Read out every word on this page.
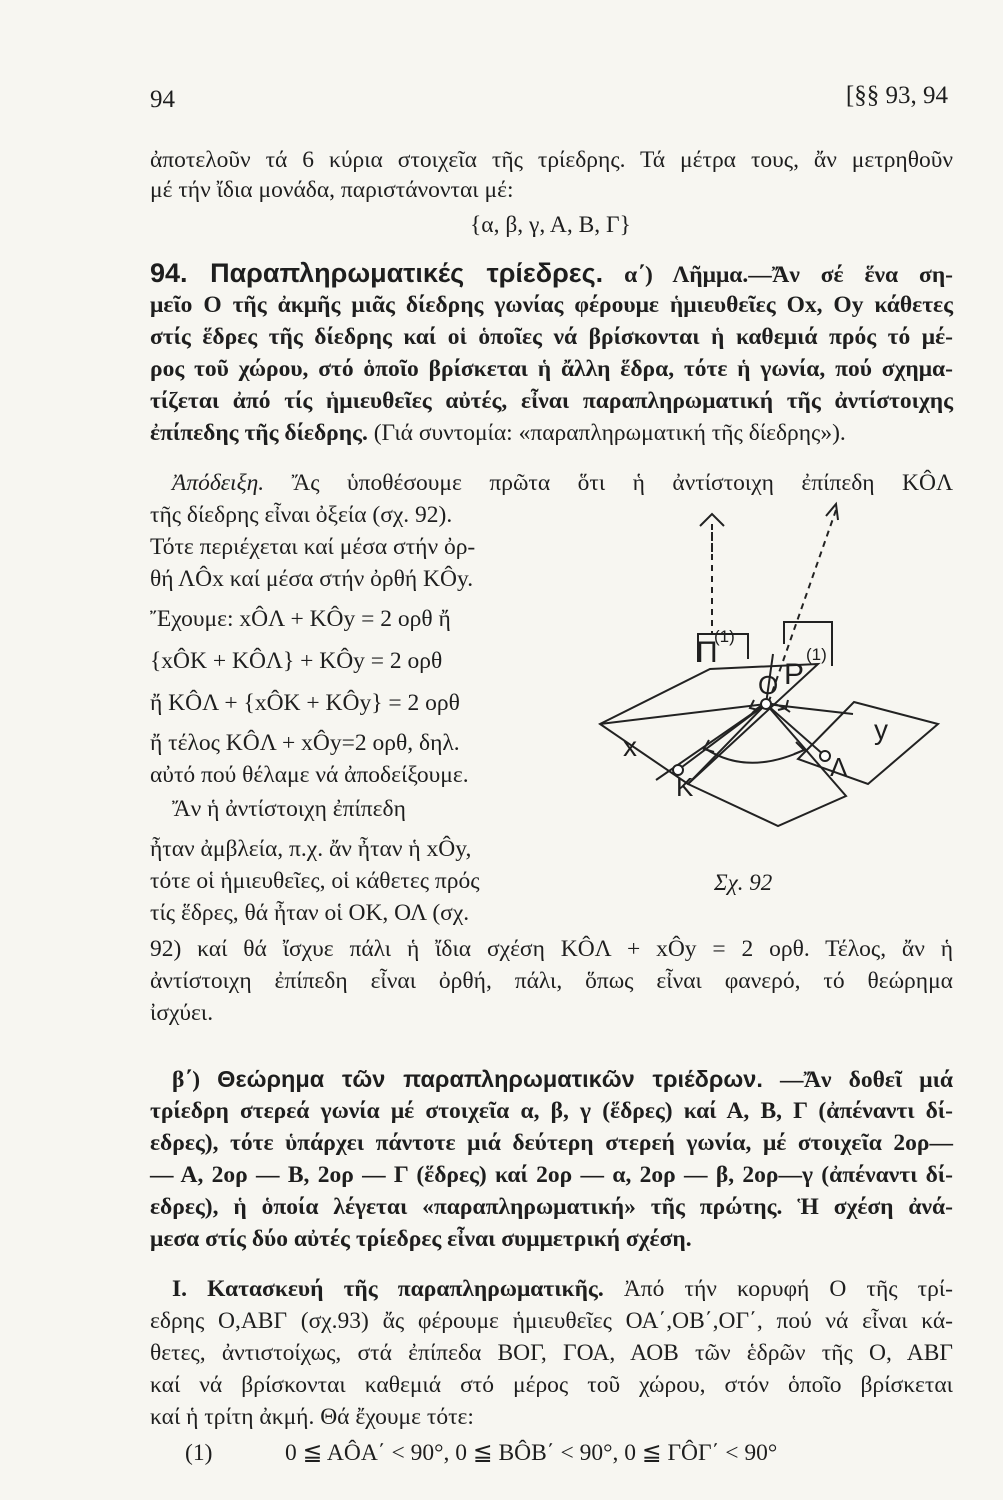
94	[§§ 93, 94
ἀποτελοῦν τά 6 κύρια στοιχεῖα τῆς τρίεδρης. Τά μέτρα τους, ἄν μετρηθοῦν
μέ τήν ἴδια μονάδα, παριστάνονται μέ:
{α, β, γ, Α, Β, Γ}
94. Παραπληρωματικές τρίεδρες. α΄) Λῆμμα.—Ἄν σέ ἕνα ση-
μεῖο Ο τῆς ἀκμῆς μιᾶς δίεδρης γωνίας φέρουμε ἡμιευθεῖες Οx, Oy κάθετες
στίς ἕδρες τῆς δίεδρης καί οἱ ὁποῖες νά βρίσκονται ἡ καθεμιά πρός τό μέ-
ρος τοῦ χώρου, στό ὁποῖο βρίσκεται ἡ ἄλλη ἕδρα, τότε ἡ γωνία, πού σχημα-
τίζεται ἀπό τίς ἡμιευθεῖες αὐτές, εἶναι παραπληρωματική τῆς ἀντίστοιχης
ἐπίπεδης τῆς δίεδρης. (Γιά συντομία: «παραπληρωματική τῆς δίεδρης»).
Ἀπόδειξη. Ἄς ὑποθέσουμε πρῶτα ὅτι ἡ ἀντίστοιχη ἐπίπεδη ΚÔΛ
τῆς δίεδρης εἶναι ὀξεία (σχ. 92).
Τότε περιέχεται καί μέσα στήν ὀρ-
θή ΛÔx καί μέσα στήν ὀρθή ΚÔy.
Ἔχουμε: xÔΛ + ΚÔy = 2 ορθ ἤ
{xÔΚ + ΚÔΛ} + ΚÔy = 2 ορθ
ἤ ΚÔΛ + {xÔΚ + ΚÔy} = 2 ορθ
ἤ τέλος ΚÔΛ + xÔy=2 ορθ, δηλ.
αὐτό πού θέλαμε νά ἀποδείξουμε.
Ἄν ἡ ἀντίστοιχη ἐπίπεδη
ἦταν ἀμβλεία, π.χ. ἄν ἦταν ἡ xÔy,
τότε οἱ ἡμιευθεῖες, οἱ κάθετες πρός
τίς ἕδρες, θά ἦταν οἱ ΟΚ, ΟΛ (σχ.
92) καί θά ἴσχυε πάλι ἡ ἴδια σχέση ΚÔΛ + xÔy = 2 ορθ. Τέλος, ἄν ἡ
ἀντίστοιχη ἐπίπεδη εἶναι ὀρθή, πάλι, ὅπως εἶναι φανερό, τό θεώρημα
ἰσχύει.
Π
(1)
P
(1)
O
x
y
K
Λ
Σχ. 92
β΄) Θεώρημα τῶν παραπληρωματικῶν τριέδρων. —Ἄν δοθεῖ μιά
τρίεδρη στερεά γωνία μέ στοιχεῖα α, β, γ (ἕδρες) καί Α, Β, Γ (ἀπέναντι δί-
εδρες), τότε ὑπάρχει πάντοτε μιά δεύτερη στερεή γωνία, μέ στοιχεῖα 2ορ—
— Α, 2ορ — Β, 2ορ — Γ (ἕδρες) καί 2ορ — α, 2ορ — β, 2ορ—γ (ἀπέναντι δί-
εδρες), ἡ ὁποία λέγεται «παραπληρωματική» τῆς πρώτης. Ἡ σχέση ἀνά-
μεσα στίς δύο αὐτές τρίεδρες εἶναι συμμετρική σχέση.
Ι. Κατασκευή τῆς παραπληρωματικῆς. Ἀπό τήν κορυφή Ο τῆς τρί-
εδρης Ο,ΑΒΓ (σχ.93) ἄς φέρουμε ἡμιευθεῖες ΟΑ΄,ΟΒ΄,ΟΓ΄, πού νά εἶναι κά-
θετες, ἀντιστοίχως, στά ἐπίπεδα ΒΟΓ, ΓΟΑ, ΑΟΒ τῶν ἑδρῶν τῆς Ο, ΑΒΓ
καί νά βρίσκονται καθεμιά στό μέρος τοῦ χώρου, στόν ὁποῖο βρίσκεται
καί ἡ τρίτη ἀκμή. Θά ἔχουμε τότε:
(1)	0 ≦ ΑÔΑ΄ < 90°, 0 ≦ ΒÔΒ΄ < 90°, 0 ≦ ΓÔΓ΄ < 90°
